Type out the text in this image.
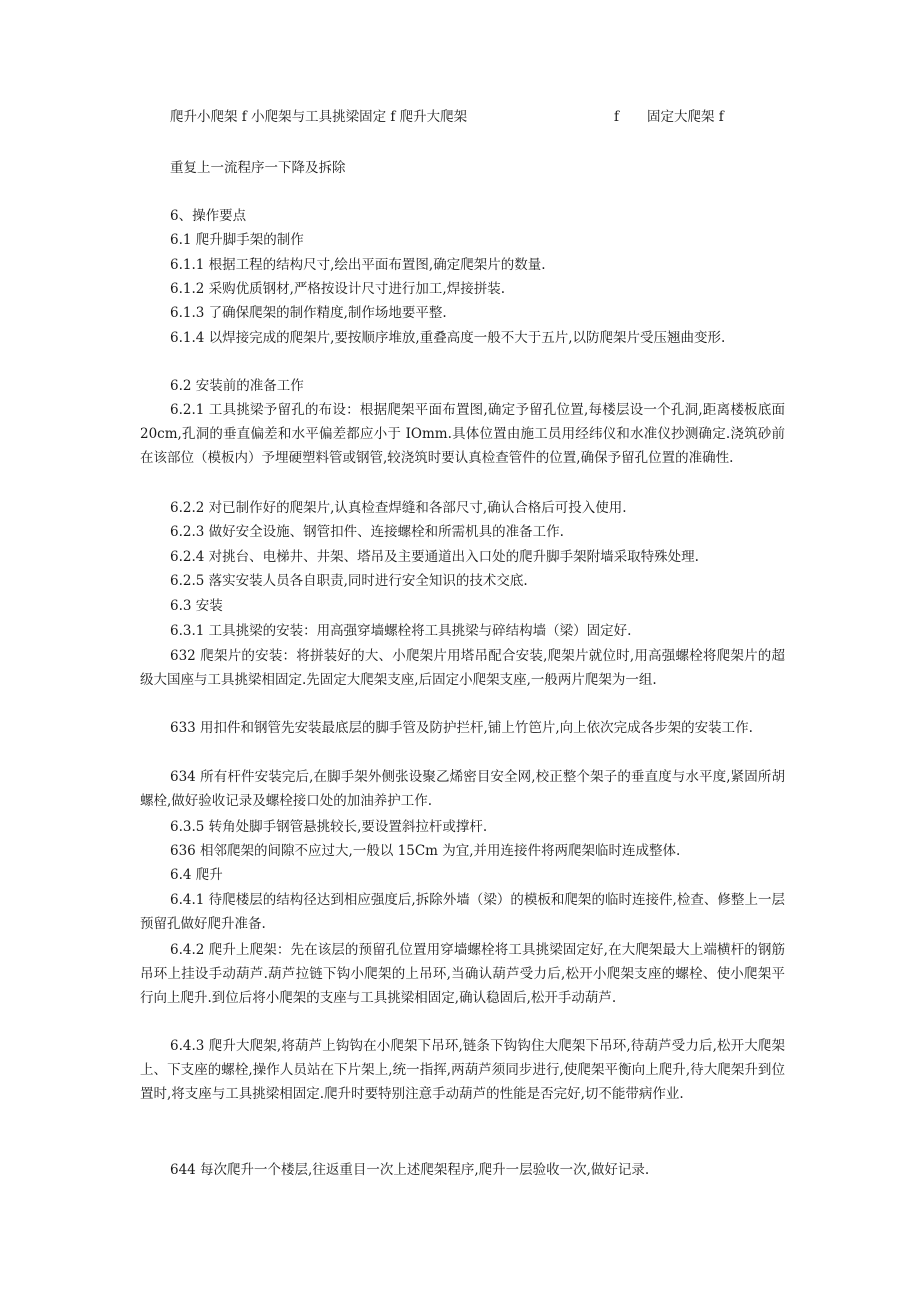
爬升小爬架 f 小爬架与工具挑梁固定 f 爬升大爬架	f 固定大爬架 f
重复上一流程序一下降及拆除
6、操作要点
6.1 爬升脚手架的制作
6.1.1 根据工程的结构尺寸,绘出平面布置图,确定爬架片的数量.
6.1.2 采购优质钢材,严格按设计尺寸进行加工,焊接拼装.
6.1.3 了确保爬架的制作精度,制作场地要平整.
6.1.4 以焊接完成的爬架片,要按顺序堆放,重叠高度一般不大于五片,以防爬架片受压翘曲变形.
6.2 安装前的准备工作
6.2.1 工具挑梁予留孔的布设：根据爬架平面布置图,确定予留孔位置,每楼层设一个孔洞,距离楼板底面 20cm,孔洞的垂直偏差和水平偏差都应小于 IOmm.具体位置由施工员用经纬仪和水准仪抄测确定.浇筑砂前在该部位（模板内）予埋硬塑料管或钢管,较浇筑时要认真检查管件的位置,确保予留孔位置的准确性.
6.2.2 对已制作好的爬架片,认真检查焊缝和各部尺寸,确认合格后可投入使用.
6.2.3 做好安全设施、钢管扣件、连接螺栓和所需机具的准备工作.
6.2.4 对挑台、电梯井、井架、塔吊及主要通道出入口处的爬升脚手架附墙采取特殊处理.
6.2.5 落实安装人员各自职责,同时进行安全知识的技术交底.
6.3 安装
6.3.1 工具挑梁的安装：用高强穿墙螺栓将工具挑梁与碎结构墙（梁）固定好.
632 爬架片的安装：将拼装好的大、小爬架片用塔吊配合安装,爬架片就位时,用高强螺栓将爬架片的超级大国座与工具挑梁相固定.先固定大爬架支座,后固定小爬架支座,一般两片爬架为一组.
633 用扣件和钢管先安装最底层的脚手管及防护拦杆,铺上竹笆片,向上依次完成各步架的安装工作.
634 所有杆件安装完后,在脚手架外侧张设聚乙烯密目安全网,校正整个架子的垂直度与水平度,紧固所胡螺栓,做好验收记录及螺栓接口处的加油养护工作.
6.3.5 转角处脚手钢管悬挑较长,要设置斜拉杆或撑杆.
636 相邻爬架的间隙不应过大,一般以 15Cm 为宜,并用连接件将两爬架临时连成整体.
6.4 爬升
6.4.1 待爬楼层的结构径达到相应强度后,拆除外墙（梁）的模板和爬架的临时连接件,检查、修整上一层预留孔做好爬升准备.
6.4.2 爬升上爬架：先在该层的预留孔位置用穿墙螺栓将工具挑梁固定好,在大爬架最大上端横杆的钢筋吊环上挂设手动葫芦.葫芦拉链下钩小爬架的上吊环,当确认葫芦受力后,松开小爬架支座的螺栓、使小爬架平行向上爬升.到位后将小爬架的支座与工具挑梁相固定,确认稳固后,松开手动葫芦.
6.4.3 爬升大爬架,将葫芦上钩钩在小爬架下吊环,链条下钩钩住大爬架下吊环,待葫芦受力后,松开大爬架上、下支座的螺栓,操作人员站在下片架上,统一指挥,两葫芦须同步进行,使爬架平衡向上爬升,待大爬架升到位置时,将支座与工具挑梁相固定.爬升时要特别注意手动葫芦的性能是否完好,切不能带病作业.
644 每次爬升一个楼层,往返重目一次上述爬架程序,爬升一层验收一次,做好记录.
